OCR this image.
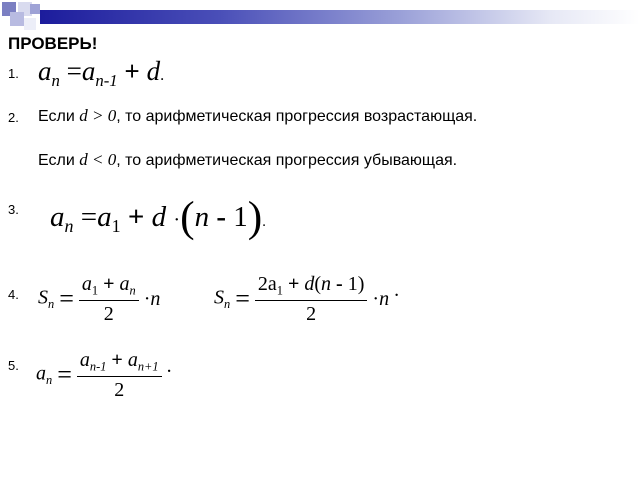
ПРОВЕРЬ!
1. $a_n =a_{n-1} + d$.
2. Если d > 0, то арифметическая прогрессия возрастающая.
Если d < 0, то арифметическая прогрессия убывающая.
3. $a_n =a_1 + d \cdot(n - 1)$.
4. $S_n = \frac{a_1 + a_n}{2} \cdot n$	$S_n = \frac{2a_1 + d(n - 1)}{2} \cdot n$ .
5. $a_n = \frac{a_{n-1} + a_{n+1}}{2}$ .
